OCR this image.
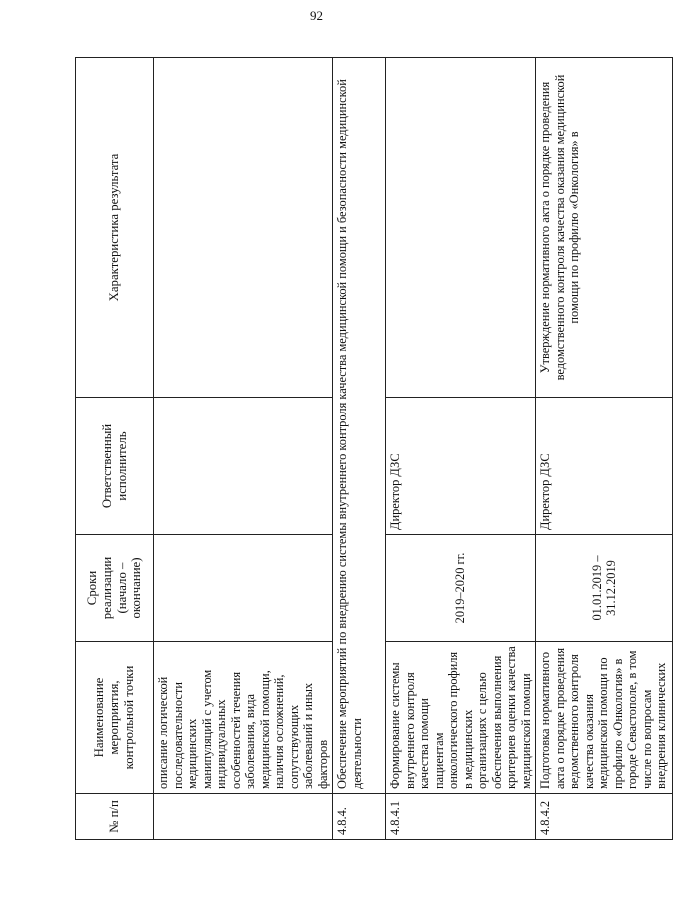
92
№ п/п	Наименование мероприятия, контрольной точки	Сроки реализации (начало – окончание)	Ответственный исполнитель	Характеристика результата
	описание логической последовательности медицинских манипуляций с учетом индивидуальных особенностей течения заболевания, вида медицинской помощи, наличия осложнений, сопутствующих заболеваний и иных факторов			
4.8.4.	Обеспечение мероприятий по внедрению системы внутреннего контроля качества медицинской помощи и безопасности медицинской деятельности			
4.8.4.1	Формирование системы внутреннего контроля качества помощи пациентам онкологического профиля в медицинских организациях с целью обеспечения выполнения критериев оценки качества медицинской помощи	2019–2020 гг.	Директор ДЗС	
4.8.4.2	Подготовка нормативного акта о порядке проведения ведомственного контроля качества оказания медицинской помощи по профилю «Онкология» в городе Севастополе, в том числе по вопросам внедрения клинических	01.01.2019 – 31.12.2019	Директор ДЗС	Утверждение нормативного акта о порядке проведения ведомственного контроля качества оказания медицинской помощи по профилю «Онкология» в
